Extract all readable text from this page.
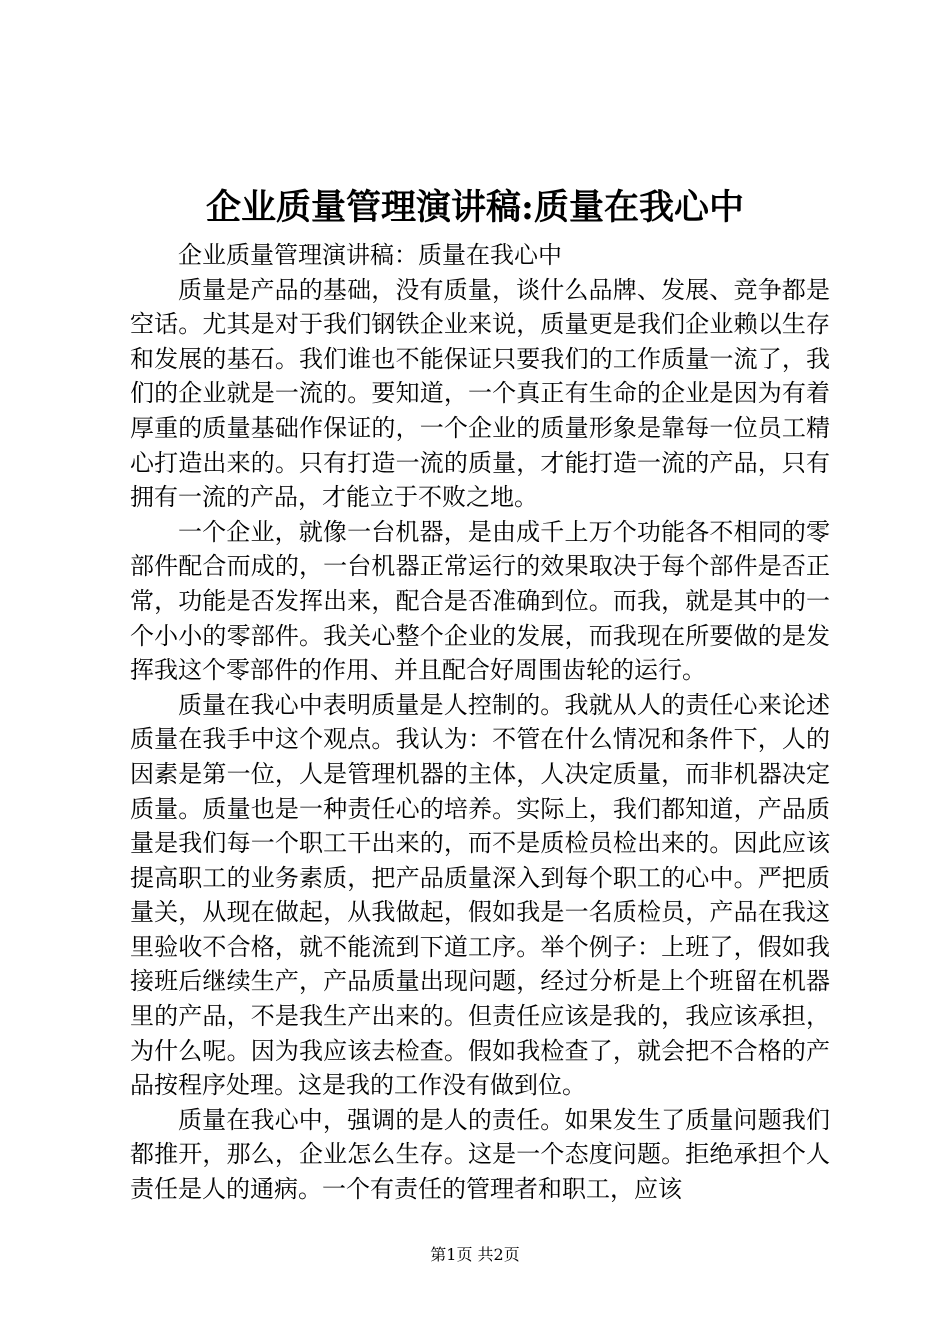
企业质量管理演讲稿:质量在我心中

企业质量管理演讲稿：质量在我心中

质量是产品的基础，没有质量，谈什么品牌、发展、竞争都是空话。尤其是对于我们钢铁企业来说，质量更是我们企业赖以生存和发展的基石。我们谁也不能保证只要我们的工作质量一流了，我们的企业就是一流的。要知道，一个真正有生命的企业是因为有着厚重的质量基础作保证的，一个企业的质量形象是靠每一位员工精心打造出来的。只有打造一流的质量，才能打造一流的产品，只有拥有一流的产品，才能立于不败之地。

一个企业，就像一台机器，是由成千上万个功能各不相同的零部件配合而成的，一台机器正常运行的效果取决于每个部件是否正常，功能是否发挥出来，配合是否准确到位。而我，就是其中的一个小小的零部件。我关心整个企业的发展，而我现在所要做的是发挥我这个零部件的作用、并且配合好周围齿轮的运行。

质量在我心中表明质量是人控制的。我就从人的责任心来论述质量在我手中这个观点。我认为：不管在什么情况和条件下，人的因素是第一位，人是管理机器的主体，人决定质量，而非机器决定质量。质量也是一种责任心的培养。实际上，我们都知道，产品质量是我们每一个职工干出来的，而不是质检员检出来的。因此应该提高职工的业务素质，把产品质量深入到每个职工的心中。严把质量关，从现在做起，从我做起，假如我是一名质检员，产品在我这里验收不合格，就不能流到下道工序。举个例子：上班了，假如我接班后继续生产，产品质量出现问题，经过分析是上个班留在机器里的产品，不是我生产出来的。但责任应该是我的，我应该承担，为什么呢。因为我应该去检查。假如我检查了，就会把不合格的产品按程序处理。这是我的工作没有做到位。

质量在我心中，强调的是人的责任。如果发生了质量问题我们都推开，那么，企业怎么生存。这是一个态度问题。拒绝承担个人责任是人的通病。一个有责任的管理者和职工，应该

第1页 共2页
